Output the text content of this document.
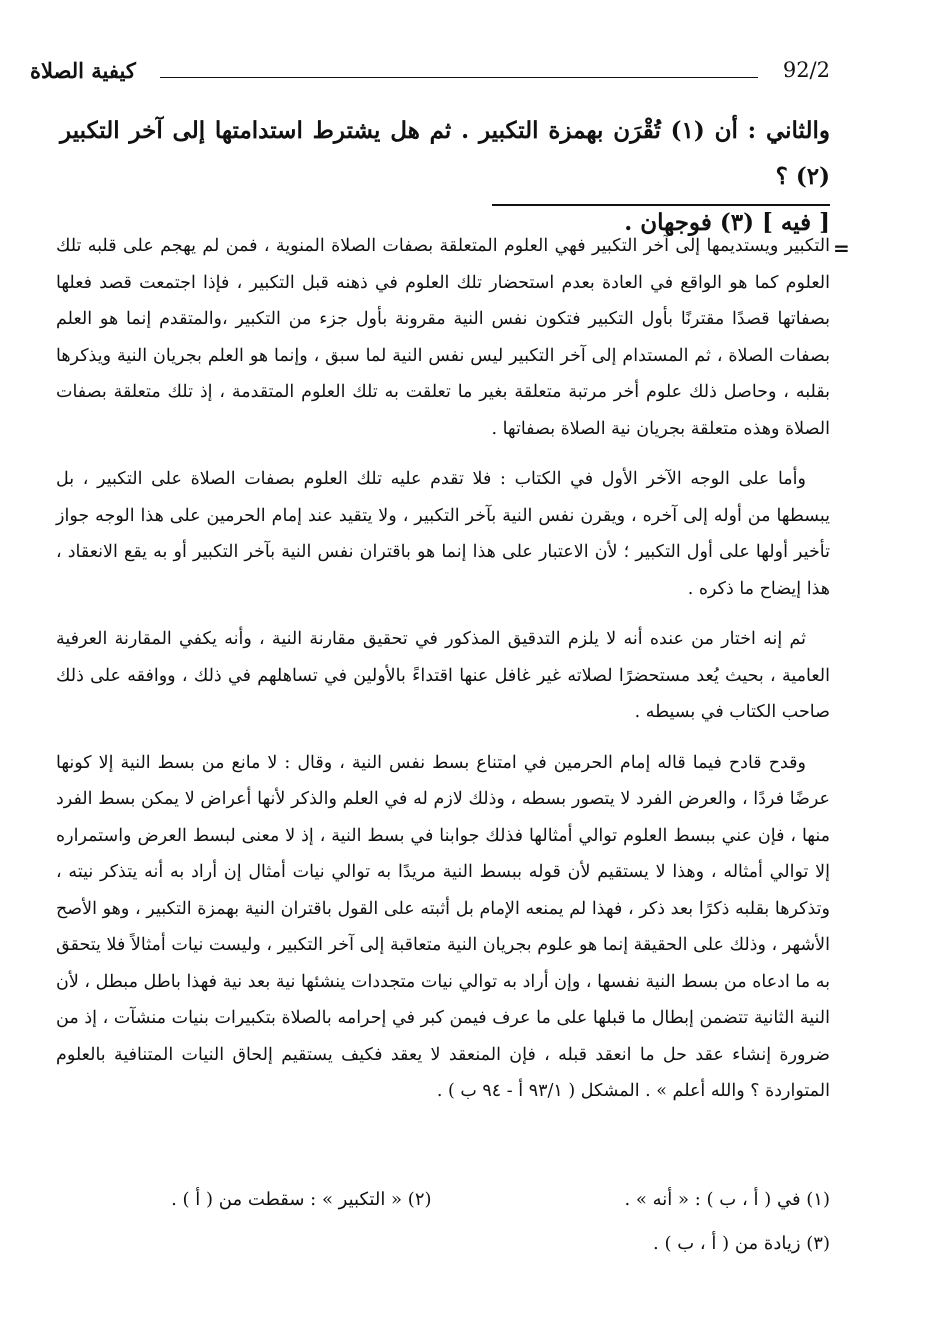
كيفية الصلاة	92/2
والثاني : أن (١) تُقْرَن بهمزة التكبير . ثم هل يشترط استدامتها إلى آخر التكبير (٢) ؟
[ فيه ] (٣) فوجهان .
=

التكبير ويستديمها إلى آخر التكبير فهي العلوم المتعلقة بصفات الصلاة المنوية ، فمن لم يهجم على قلبه تلك العلوم كما هو الواقع في العادة بعدم استحضار تلك العلوم في ذهنه قبل التكبير ، فإذا اجتمعت قصد فعلها بصفاتها قصدًا مقترنًا بأول التكبير فتكون نفس النية مقرونة بأول جزء من التكبير ،والمتقدم إنما هو العلم بصفات الصلاة ، ثم المستدام إلى آخر التكبير ليس نفس النية لما سبق ، وإنما هو العلم بجريان النية ويذكرها بقلبه ، وحاصل ذلك علوم أخر مرتبة متعلقة بغير ما تعلقت به تلك العلوم المتقدمة ، إذ تلك متعلقة بصفات الصلاة وهذه متعلقة بجريان نية الصلاة بصفاتها .

وأما على الوجه الآخر الأول في الكتاب : فلا تقدم عليه تلك العلوم بصفات الصلاة على التكبير ، بل يبسطها من أوله إلى آخره ، ويقرن نفس النية بآخر التكبير ، ولا يتقيد عند إمام الحرمين على هذا الوجه جواز تأخير أولها على أول التكبير ؛ لأن الاعتبار على هذا إنما هو باقتران نفس النية بآخر التكبير أو به يقع الانعقاد ، هذا إيضاح ما ذكره .

ثم إنه اختار من عنده أنه لا يلزم التدقيق المذكور في تحقيق مقارنة النية ، وأنه يكفي المقارنة العرفية العامية ، بحيث يُعد مستحضرًا لصلاته غير غافل عنها اقتداءً بالأولين في تساهلهم في ذلك ، ووافقه على ذلك صاحب الكتاب في بسيطه .

وقدح قادح فيما قاله إمام الحرمين في امتناع بسط نفس النية ، وقال : لا مانع من بسط النية إلا كونها عرضًا فردًا ، والعرض الفرد لا يتصور بسطه ، وذلك لازم له في العلم والذكر لأنها أعراض لا يمكن بسط الفرد منها ، فإن عني ببسط العلوم توالي أمثالها فذلك جوابنا في بسط النية ، إذ لا معنى لبسط العرض واستمراره إلا توالي أمثاله ، وهذا لا يستقيم لأن قوله ببسط النية مريدًا به توالي نيات أمثال إن أراد به أنه يتذكر نيته ، وتذكرها بقلبه ذكرًا بعد ذكر ، فهذا لم يمنعه الإمام بل أثبته على القول باقتران النية بهمزة التكبير ، وهو الأصح الأشهر ، وذلك على الحقيقة إنما هو علوم بجريان النية متعاقبة إلى آخر التكبير ، وليست نيات أمثالاً فلا يتحقق به ما ادعاه من بسط النية نفسها ، وإن أراد به توالي نيات متجددات ينشئها نية بعد نية فهذا باطل مبطل ، لأن النية الثانية تتضمن إبطال ما قبلها على ما عرف فيمن كبر في إحرامه بالصلاة بتكبيرات بنيات منشآت ، إذ من ضرورة إنشاء عقد حل ما انعقد قبله ، فإن المنعقد لا يعقد فكيف يستقيم إلحاق النيات المتنافية بالعلوم المتواردة ؟ والله أعلم » . المشكل ( ٩٣/١ أ - ٩٤ ب ) .

(١) في ( أ ، ب ) : « أنه » .
(٢) « التكبير » : سقطت من ( أ ) .
(٣) زيادة من ( أ ، ب ) .
